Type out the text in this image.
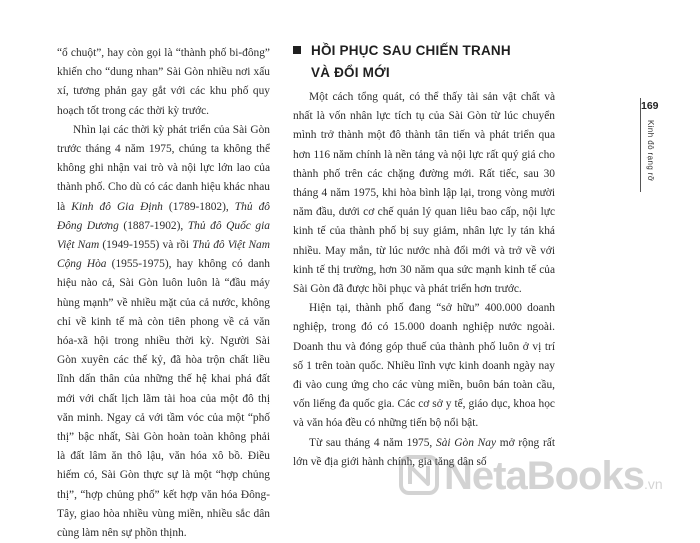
“ổ chuột”, hay còn gọi là “thành phố bi-đông” khiến cho “dung nhan” Sài Gòn nhiều nơi xấu xí, tương phản gay gắt với các khu phố quy hoạch tốt trong các thời kỳ trước.

Nhìn lại các thời kỳ phát triển của Sài Gòn trước tháng 4 năm 1975, chúng ta không thể không ghi nhận vai trò và nội lực lớn lao của thành phố. Cho dù có các danh hiệu khác nhau là Kinh đô Gia Định (1789-1802), Thủ đô Đông Dương (1887-1902), Thủ đô Quốc gia Việt Nam (1949-1955) và rồi Thủ đô Việt Nam Cộng Hòa (1955-1975), hay không có danh hiệu nào cả, Sài Gòn luôn luôn là “đầu máy hùng mạnh” về nhiều mặt của cả nước, không chỉ về kinh tế mà còn tiên phong về cả văn hóa-xã hội trong nhiều thời kỳ. Người Sài Gòn xuyên các thế kỷ, đã hòa trộn chất liều lĩnh dấn thân của những thế hệ khai phá đất mới với chất lịch lãm tài hoa của một đô thị văn minh. Ngay cả với tầm vóc của một “phố thị” bậc nhất, Sài Gòn hoàn toàn không phải là đất lâm ăn thô lậu, văn hóa xô bồ. Điều hiếm có, Sài Gòn thực sự là một “hợp chủng thị”, “hợp chủng phố” kết hợp văn hóa Đông-Tây, giao hòa nhiều vùng miền, nhiều sắc dân cùng làm nên sự phồn thịnh.

HỒI PHỤC SAU CHIẾN TRANH
VÀ ĐỔI MỚI

Một cách tổng quát, có thể thấy tài sản vật chất và nhất là vốn nhân lực tích tụ của Sài Gòn từ lúc chuyển mình trở thành một đô thành tân tiến và phát triển qua hơn 116 năm chính là nền tảng và nội lực rất quý giá cho thành phố trên các chặng đường mới. Rất tiếc, sau 30 tháng 4 năm 1975, khi hòa bình lập lại, trong vòng mười năm đầu, dưới cơ chế quản lý quan liêu bao cấp, nội lực kinh tế của thành phố bị suy giảm, nhân lực ly tán khá nhiều. May mắn, từ lúc nước nhà đổi mới và trở về với kinh tế thị trường, hơn 30 năm qua sức mạnh kinh tế của Sài Gòn đã được hồi phục và phát triển hơn trước.

Hiện tại, thành phố đang “sở hữu” 400.000 doanh nghiệp, trong đó có 15.000 doanh nghiệp nước ngoài. Doanh thu và đóng góp thuế của thành phố luôn ở vị trí số 1 trên toàn quốc. Nhiều lĩnh vực kinh doanh ngày nay đi vào cung ứng cho các vùng miền, buôn bán toàn cầu, vốn liếng đa quốc gia. Các cơ sở y tế, giáo dục, khoa học và văn hóa đều có những tiến bộ nổi bật.

Từ sau tháng 4 năm 1975, Sài Gòn Nay mở rộng rất lớn về địa giới hành chính, gia tăng dân số

169
Kinh đô rạng rỡ
NetaBooks.vn
